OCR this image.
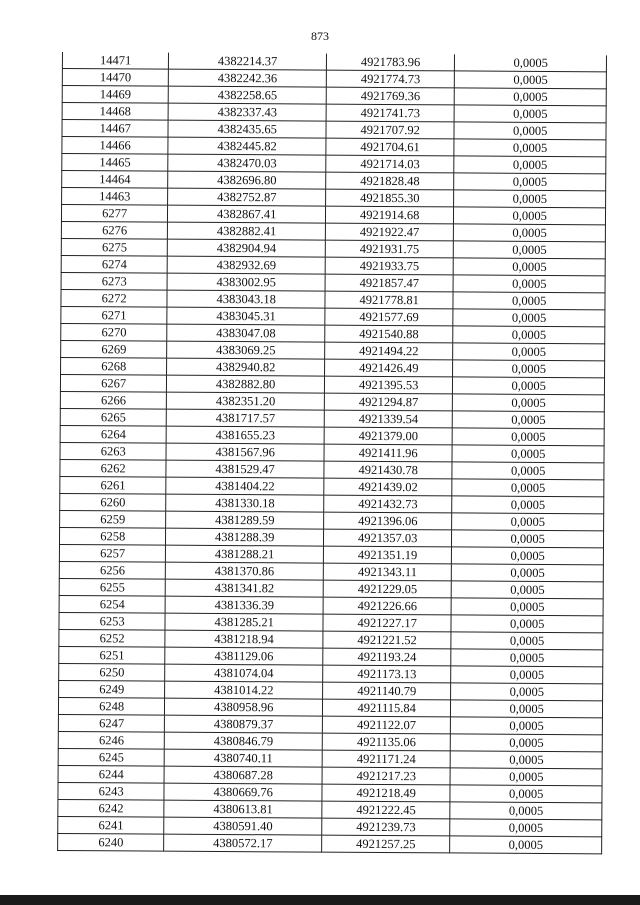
873
14471	4382214.37	4921783.96	0,0005
14470	4382242.36	4921774.73	0,0005
14469	4382258.65	4921769.36	0,0005
14468	4382337.43	4921741.73	0,0005
14467	4382435.65	4921707.92	0,0005
14466	4382445.82	4921704.61	0,0005
14465	4382470.03	4921714.03	0,0005
14464	4382696.80	4921828.48	0,0005
14463	4382752.87	4921855.30	0,0005
6277	4382867.41	4921914.68	0,0005
6276	4382882.41	4921922.47	0,0005
6275	4382904.94	4921931.75	0,0005
6274	4382932.69	4921933.75	0,0005
6273	4383002.95	4921857.47	0,0005
6272	4383043.18	4921778.81	0,0005
6271	4383045.31	4921577.69	0,0005
6270	4383047.08	4921540.88	0,0005
6269	4383069.25	4921494.22	0,0005
6268	4382940.82	4921426.49	0,0005
6267	4382882.80	4921395.53	0,0005
6266	4382351.20	4921294.87	0,0005
6265	4381717.57	4921339.54	0,0005
6264	4381655.23	4921379.00	0,0005
6263	4381567.96	4921411.96	0,0005
6262	4381529.47	4921430.78	0,0005
6261	4381404.22	4921439.02	0,0005
6260	4381330.18	4921432.73	0,0005
6259	4381289.59	4921396.06	0,0005
6258	4381288.39	4921357.03	0,0005
6257	4381288.21	4921351.19	0,0005
6256	4381370.86	4921343.11	0,0005
6255	4381341.82	4921229.05	0,0005
6254	4381336.39	4921226.66	0,0005
6253	4381285.21	4921227.17	0,0005
6252	4381218.94	4921221.52	0,0005
6251	4381129.06	4921193.24	0,0005
6250	4381074.04	4921173.13	0,0005
6249	4381014.22	4921140.79	0,0005
6248	4380958.96	4921115.84	0,0005
6247	4380879.37	4921122.07	0,0005
6246	4380846.79	4921135.06	0,0005
6245	4380740.11	4921171.24	0,0005
6244	4380687.28	4921217.23	0,0005
6243	4380669.76	4921218.49	0,0005
6242	4380613.81	4921222.45	0,0005
6241	4380591.40	4921239.73	0,0005
6240	4380572.17	4921257.25	0,0005
